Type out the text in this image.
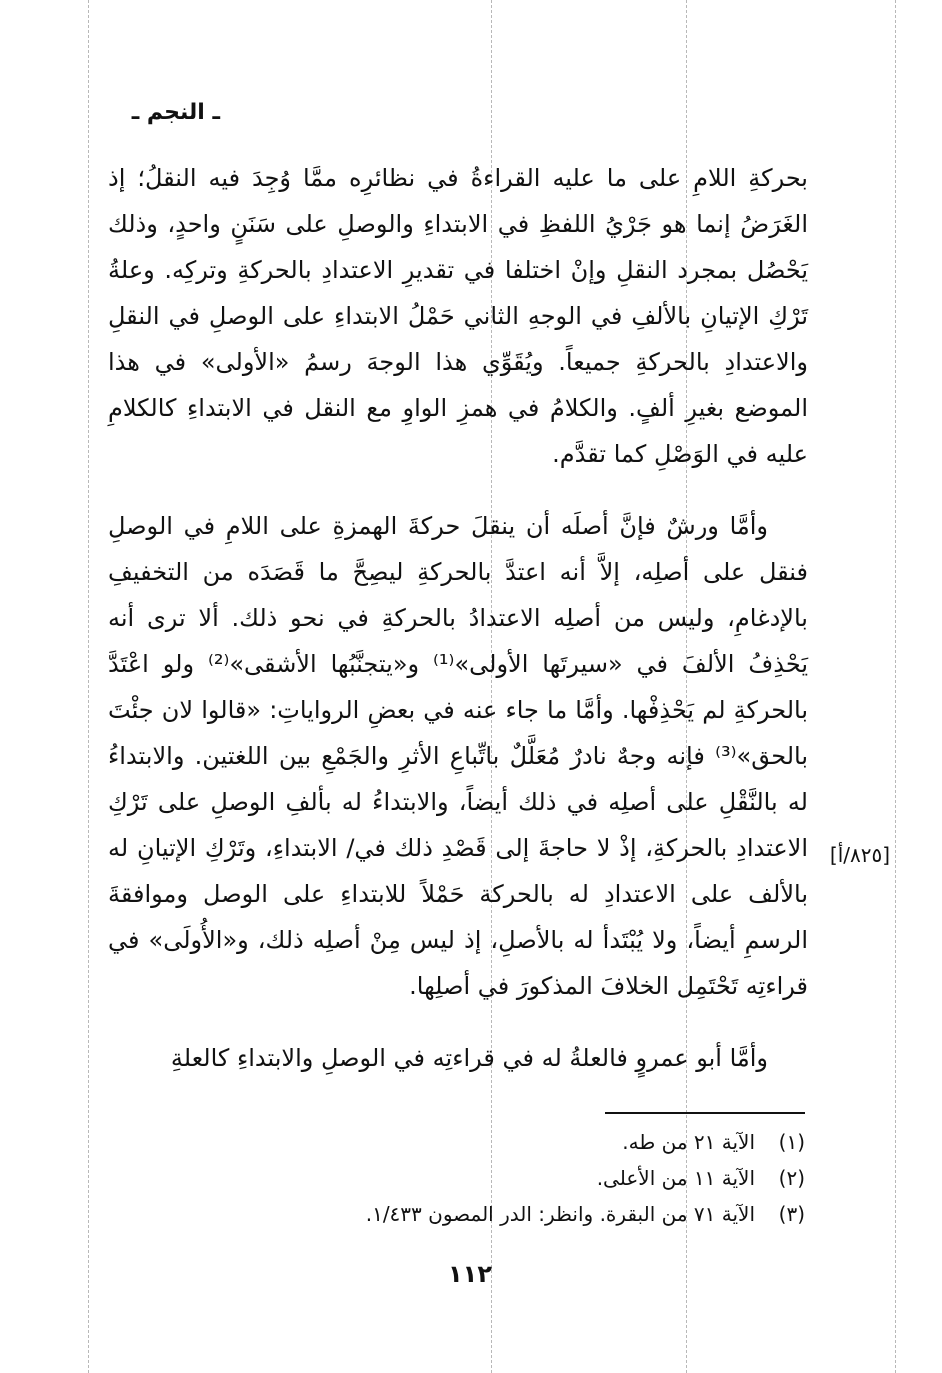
ـ النجم ـ

بحركةِ اللامِ على ما عليه القراءةُ في نظائرِه ممَّا وُجِدَ فيه النقلُ؛ إذ الغَرَضُ إنما هو جَرْيُ اللفظِ في الابتداءِ والوصلِ على سَنَنٍ واحدٍ، وذلك يَحْصُل بمجرد النقلِ وإنْ اختلفا في تقديرِ الاعتدادِ بالحركةِ وتركِه. وعلةُ تَرْكِ الإتيانِ بالألفِ في الوجهِ الثاني حَمْلُ الابتداءِ على الوصلِ في النقلِ والاعتدادِ بالحركةِ جميعاً. ويُقَوِّي هذا الوجهَ رسمُ «الأولى» في هذا الموضع بغيرِ ألفٍ. والكلامُ في همزِ الواوِ مع النقل في الابتداءِ كالكلامِ عليه في الوَصْلِ كما تقدَّم.

وأمَّا ورشٌ فإنَّ أصلَه أن ينقلَ حركةَ الهمزةِ على اللامِ في الوصلِ فنقل على أصلِه، إلاَّ أنه اعتدَّ بالحركةِ ليصِحَّ ما قَصَدَه من التخفيفِ بالإدغامِ، وليس من أصلِه الاعتدادُ بالحركةِ في نحو ذلك. ألا ترى أنه يَحْذِفُ الألفَ في «سيرتَها الأولى»⁽¹⁾ و«يتجنَّبُها الأشقى»⁽²⁾ ولو اعْتَدَّ بالحركةِ لم يَحْذِفْها. وأمَّا ما جاء عنه في بعضِ الرواياتِ: «قالوا لان جئْتَ بالحق»⁽³⁾ فإنه وجهٌ نادرٌ مُعَلَّلٌ باتِّباعِ الأثرِ والجَمْعِ بين اللغتين. والابتداءُ له بالنَّقْلِ على أصلِه في ذلك أيضاً، والابتداءُ له بألفِ الوصلِ على تَرْكِ الاعتدادِ بالحركةِ، إذْ لا حاجةَ إلى قَصْدِ ذلك في/ الابتداءِ، وتَرْكِ الإتيانِ له بالألف على الاعتدادِ له بالحركة حَمْلاً للابتداءِ على الوصل وموافقةَ الرسمِ أيضاً، ولا يُبْتَدأ له بالأصلِ، إذ ليس مِنْ أصلِه ذلك، و«الأُولَى» في قراءتِه تَحْتَمِل الخلافَ المذكورَ في أصلِها.

وأمَّا أبو عمروٍ فالعلةُ له في قراءتِه في الوصلِ والابتداءِ كالعلةِ

[٨٢٥/أ]
(١)الآية ٢١ من طه.
(٢)الآية ١١ من الأعلى.
(٣)الآية ٧١ من البقرة. وانظر: الدر المصون ١/٤٣٣.
١١٢
